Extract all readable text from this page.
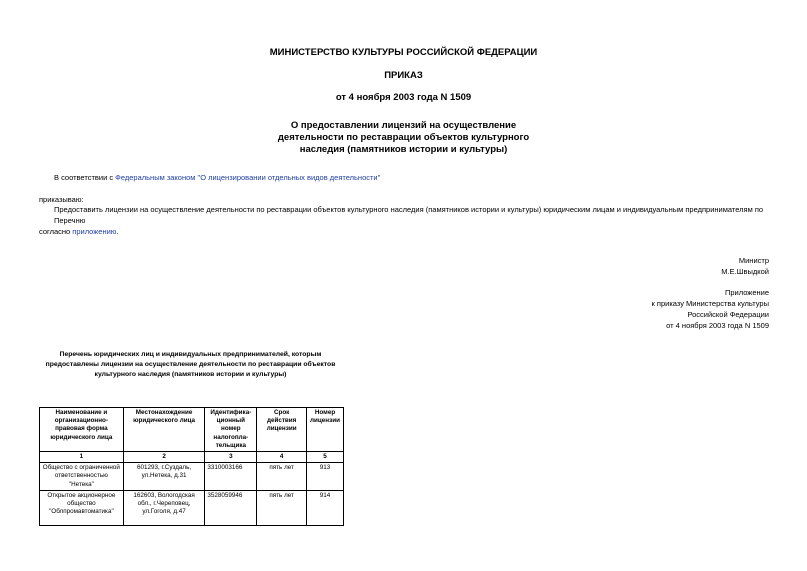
МИНИСТЕРСТВО КУЛЬТУРЫ РОССИЙСКОЙ ФЕДЕРАЦИИ
ПРИКАЗ
от 4 ноября 2003 года N 1509
О предоставлении лицензий на осуществление
деятельности по реставрации объектов культурного
наследия (памятников истории и культуры)
В соответствии с Федеральным законом "О лицензировании отдельных видов деятельности"
приказываю:
Предоставить лицензии на осуществление деятельности по реставрации объектов культурного наследия (памятников истории и культуры) юридическим лицам и индивидуальным предпринимателям по Перечню
согласно приложению.
Министр
М.Е.Швыдкой
Приложение
к приказу Министерства культуры
Российской Федерации
от 4 ноября 2003 года N 1509
Перечень юридических лиц и индивидуальных предпринимателей, которым
предоставлены лицензии на осуществление деятельности по реставрации объектов
культурного наследия (памятников истории и культуры)
Наименование и организационно-правовая форма юридического лица	Местонахождение юридического лица	Идентифика-ционный номер налогопла-тельщика	Срок действия лицензии	Номер лицензии
1	2	3	4	5
Общество с ограниченной ответственностью "Нетека"	601293, г.Суздаль, ул.Нетека, д.31	3310003166	пять лет	913
Открытое акционерное общество "Облпромавтоматика"	162603, Вологодская обл., г.Череповец, ул.Гоголя, д.47	3528059946	пять лет	914
